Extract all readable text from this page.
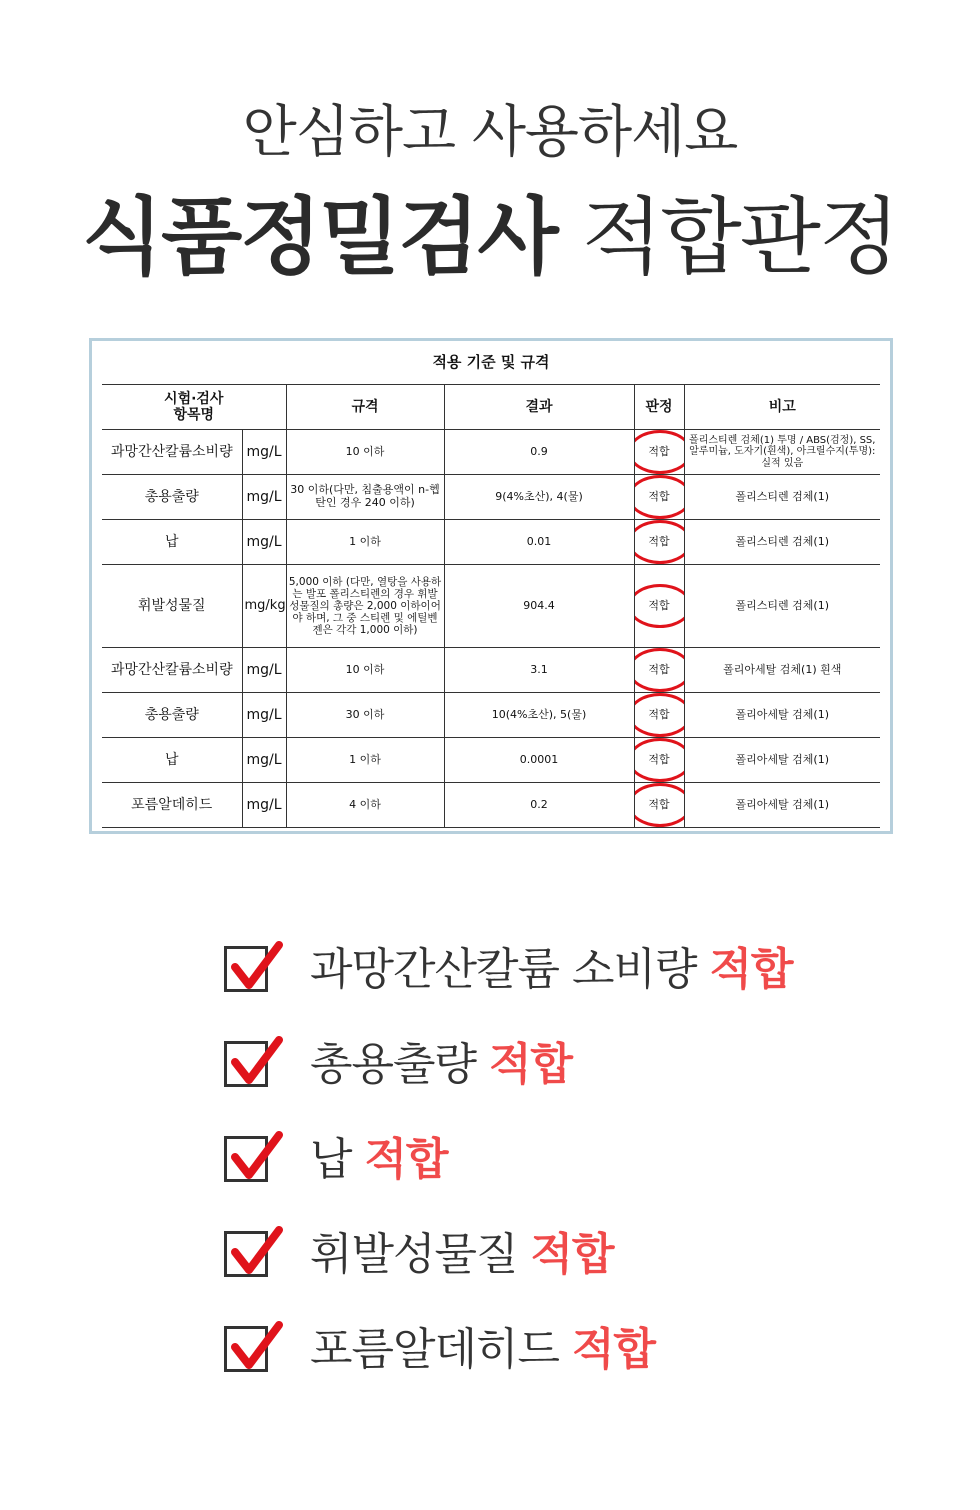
안심하고 사용하세요
식품정밀검사 적합판정
적용 기준 및 규격
시험·검사
항목명		규격	결과	판정	비고
과망간산칼륨소비량	mg/L	10 이하	0.9	적합	폴리스티렌 검체(1) 투명 / ABS(검정), SS,알루미늄, 도자기(흰색), 아크릴수지(투명): 실적 있음
총용출량	mg/L	30 이하(다만, 침출용액이 n-헵탄인 경우 240 이하)	9(4%초산), 4(물)	적합	폴리스티렌 검체(1)
납	mg/L	1 이하	0.01	적합	폴리스티렌 검체(1)
휘발성물질	mg/kg	5,000 이하 (다만, 열탕을 사용하는 발포 폴리스티렌의 경우 휘발성물질의 총량은 2,000 이하이어야 하며, 그 중 스티렌 및 에틸벤젠은 각각 1,000 이하)	904.4	적합	폴리스티렌 검체(1)
과망간산칼륨소비량	mg/L	10 이하	3.1	적합	폴리아세탈 검체(1) 흰색
총용출량	mg/L	30 이하	10(4%초산), 5(물)	적합	폴리아세탈 검체(1)
납	mg/L	1 이하	0.0001	적합	폴리아세탈 검체(1)
포름알데히드	mg/L	4 이하	0.2	적합	폴리아세탈 검체(1)
과망간산칼륨 소비량 적합
총용출량 적합
납 적합
휘발성물질 적합
포름알데히드 적합
